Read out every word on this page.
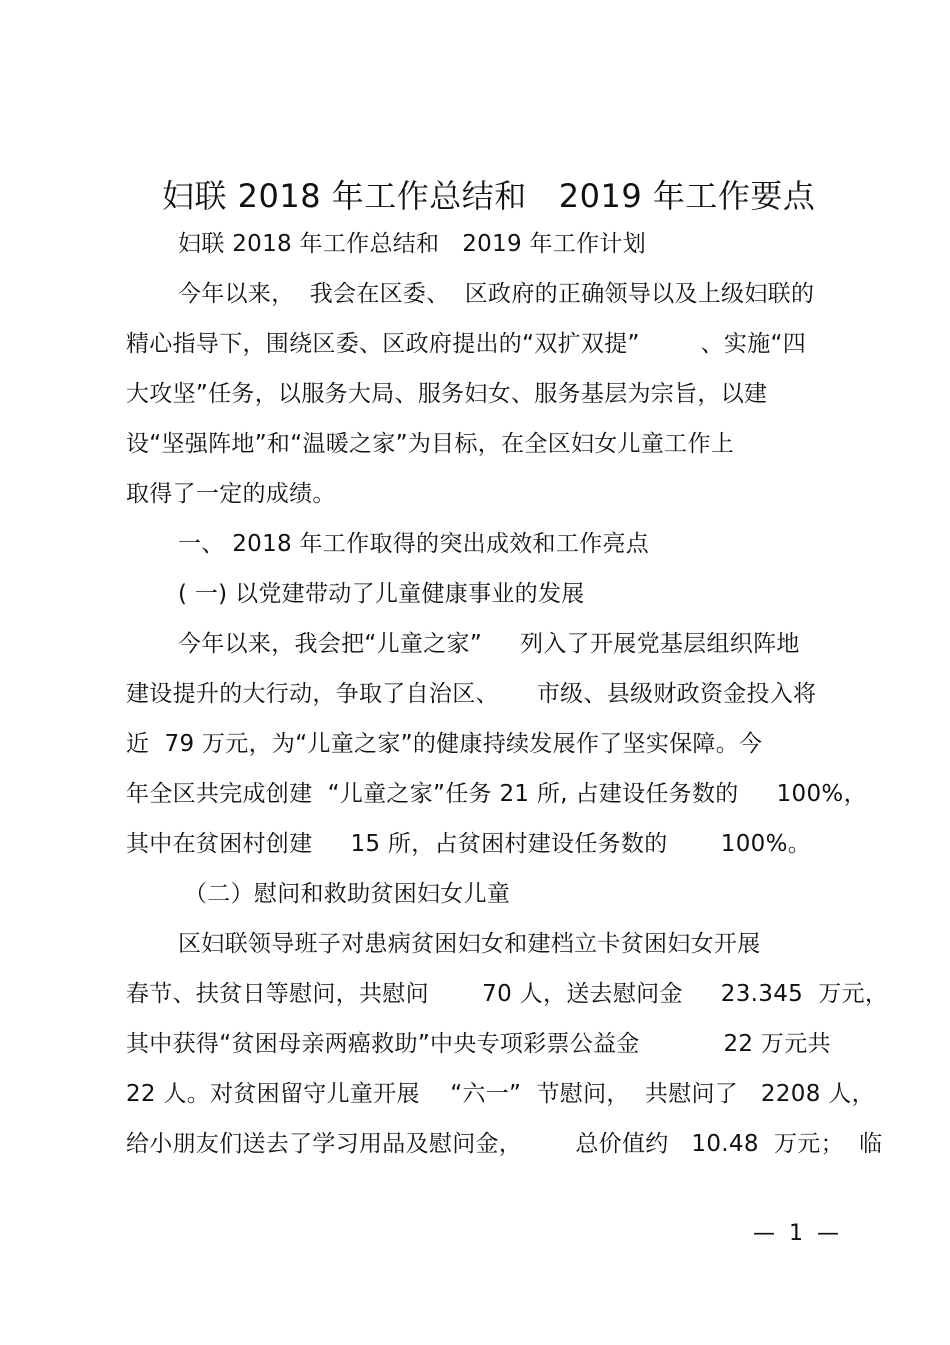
妇联 2018 年工作总结和   2019 年工作要点
妇联 2018 年工作总结和   2019 年工作计划
今年以来，  我会在区委、  区政府的正确领导以及上级妇联的
精心指导下，围绕区委、区政府提出的“双扩双提”        、实施“四
大攻坚”任务，以服务大局、服务妇女、服务基层为宗旨，以建
设“坚强阵地”和“温暖之家”为目标，在全区妇女儿童工作上
取得了一定的成绩。
一、 2018 年工作取得的突出成效和工作亮点
( 一) 以党建带动了儿童健康事业的发展
今年以来，我会把“儿童之家”     列入了开展党基层组织阵地
建设提升的大行动，争取了自治区、     市级、县级财政资金投入将
近  79 万元，为“儿童之家”的健康持续发展作了坚实保障。今
年全区共完成创建  “儿童之家”任务 21 所, 占建设任务数的     100%，
其中在贫困村创建     15 所，占贫困村建设任务数的       100%。
（二）慰问和救助贫困妇女儿童
区妇联领导班子对患病贫困妇女和建档立卡贫困妇女开展
春节、扶贫日等慰问，共慰问       70 人，送去慰问金     23.345  万元，
其中获得“贫困母亲两癌救助”中央专项彩票公益金           22 万元共
22 人。对贫困留守儿童开展    “六一”  节慰问，  共慰问了   2208 人，
给小朋友们送去了学习用品及慰问金，       总价值约   10.48  万元；  临
—  1  —
